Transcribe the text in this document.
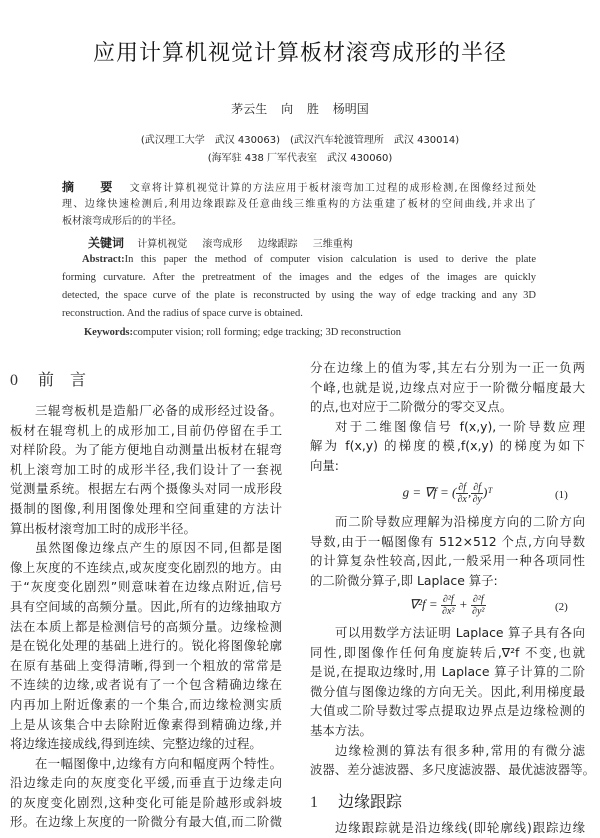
应用计算机视觉计算板材滚弯成形的半径
茅云生 向 胜 杨明国
(武汉理工大学　武汉 430063)　(武汉汽车轮渡管理所　武汉 430014)
(海军驻 438 厂军代表室　武汉 430060)
摘　要 文章将计算机视觉计算的方法应用于板材滚弯加工过程的成形检测,在图像经过预处
理、边缘快速检测后,利用边缘跟踪及任意曲线三维重构的方法重建了板材的空间曲线,并求出了
板材滚弯成形后的的半径。
关键词 计算机视觉 滚弯成形 边缘跟踪 三维重构
Abstract:In this paper the method of computer vision calculation is used to derive the plate
forming curvature. After the pretreatment of the images and the edges of the images are quickly
detected, the space curve of the plate is reconstructed by using the way of edge tracking and any 3D
reconstruction. And the radius of space curve is obtained.
Keywords:computer vision; roll forming; edge tracking; 3D reconstruction
0 前　言
三辊弯板机是造船厂必备的成形经过设备。
板材在辊弯机上的成形加工,目前仍停留在手工
对样阶段。为了能方便地自动测量出板材在辊弯
机上滚弯加工时的成形半径,我们设计了一套视
觉测量系统。根据左右两个摄像头对同一成形段
摄制的图像,利用图像处理和空间重建的方法计
算出板材滚弯加工时的成形半径。
虽然图像边缘点产生的原因不同,但都是图
像上灰度的不连续点,或灰度变化剧烈的地方。由
于“灰度变化剧烈”则意味着在边缘点附近,信号
具有空间域的高频分量。因此,所有的边缘抽取方
法在本质上都是检测信号的高频分量。边缘检测
是在锐化处理的基础上进行的。锐化将图像轮廓
在原有基础上变得清晰,得到一个粗放的常常是
不连续的边缘,或者说有了一个包含精确边缘在
内再加上附近像素的一个集合,而边缘检测实质
上是从该集合中去除附近像素得到精确边缘,并
将边缘连接成线,得到连续、完整边缘的过程。
在一幅图像中,边缘有方向和幅度两个特性。
沿边缘走向的灰度变化平缓,而垂直于边缘走向
的灰度变化剧烈,这种变化可能是阶越形或斜坡
形。在边缘上灰度的一阶微分有最大值,而二阶微
分在边缘上的值为零,其左右分别为一正一负两
个峰,也就是说,边缘点对应于一阶微分幅度最大
的点,也对应于二阶微分的零交叉点。
对于二维图像信号 f(x,y),一阶导数应理
解为 f(x,y) 的梯度的模,f(x,y) 的梯度为如下
向量:
g = ∇f = ( $\frac{\partial f}{\partial x}$ , $\frac{\partial f}{\partial y}$ )ᵀ	(1)
而二阶导数应理解为沿梯度方向的二阶方向
导数,由于一幅图像有 512×512 个点,方向导数
的计算复杂性较高,因此,一般采用一种各项同性
的二阶微分算子,即 Laplace 算子:
$\nabla^2f = \frac{\text{∂²f}}{\text{∂x²}} + \frac{\text{∂²f}}{\text{∂y²}}$	(2)
可以用数学方法证明 Laplace 算子具有各向
同性,即图像作任何角度旋转后,∇²f 不变,也就
是说,在提取边缘时,用 Laplace 算子计算的二阶
微分值与图像边缘的方向无关。因此,利用梯度最
大值或二阶导数过零点提取边界点是边缘检测的
基本方法。
边缘检测的算法有很多种,常用的有微分滤
波器、差分滤波器、多尺度滤波器、最优滤波器等。
1 边缘跟踪
边缘跟踪就是沿边缘线(即轮廓线)跟踪边缘
